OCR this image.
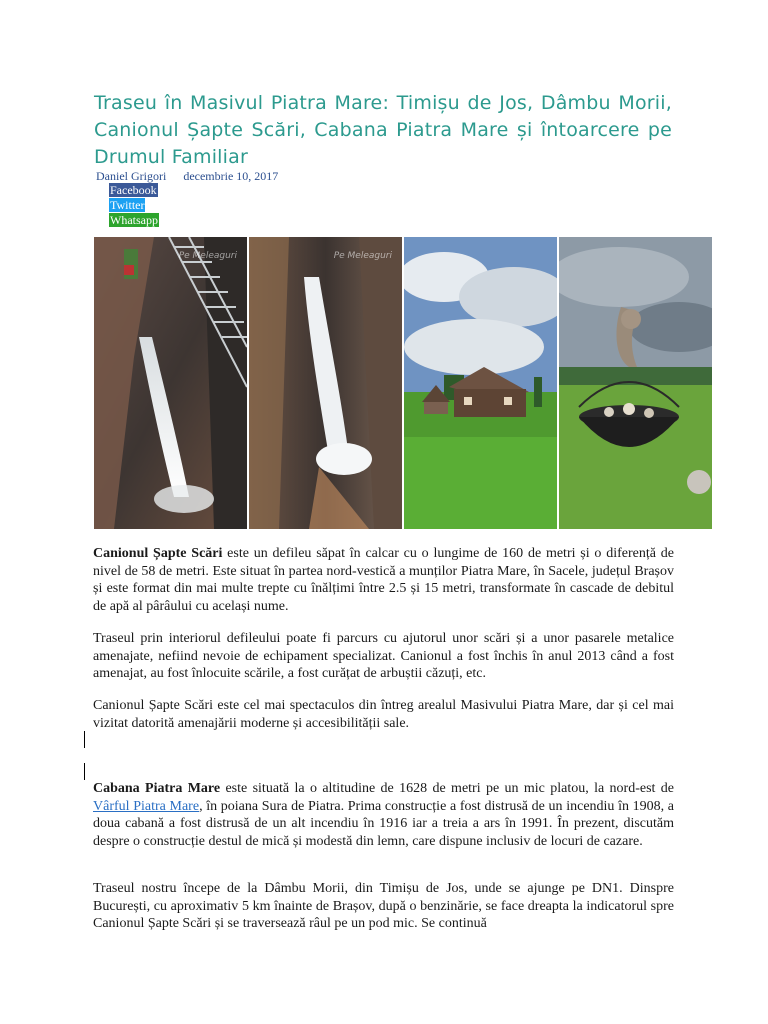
Traseu în Masivul Piatra Mare: Timișu de Jos, Dâmbu Morii, Canionul Șapte Scări, Cabana Piatra Mare și întoarcere pe Drumul Familiar
Daniel Grigori decembrie 10, 2017
Facebook
Twitter
Whatsapp
Pe Meleaguri	Pe Meleaguri

Canionul Șapte Scări este un defileu săpat în calcar cu o lungime de 160 de metri și o diferență de nivel de 58 de metri. Este situat în partea nord-vestică a munților Piatra Mare, în Sacele, județul Brașov și este format din mai multe trepte cu înălțimi între 2.5 și 15 metri, transformate în cascade de debitul de apă al pârâului cu același nume.

Traseul prin interiorul defileului poate fi parcurs cu ajutorul unor scări și a unor pasarele metalice amenajate, nefiind nevoie de echipament specializat. Canionul a fost închis în anul 2013 când a fost amenajat, au fost înlocuite scările, a fost curățat de arbuștii căzuți, etc.

Canionul Șapte Scări este cel mai spectaculos din întreg arealul Masivului Piatra Mare, dar și cel mai vizitat datorită amenajării moderne și accesibilității sale.

Cabana Piatra Mare este situată la o altitudine de 1628 de metri pe un mic platou, la nord-est de Vârful Piatra Mare, în poiana Sura de Piatra. Prima construcție a fost distrusă de un incendiu în 1908, a doua cabană a fost distrusă de un alt incendiu în 1916 iar a treia a ars în 1991. În prezent, discutăm despre o construcție destul de mică și modestă din lemn, care dispune inclusiv de locuri de cazare.

Traseul nostru începe de la Dâmbu Morii, din Timișu de Jos, unde se ajunge pe DN1. Dinspre București, cu aproximativ 5 km înainte de Brașov, după o benzinărie, se face dreapta la indicatorul spre Canionul Șapte Scări și se traversează râul pe un pod mic. Se continuă
